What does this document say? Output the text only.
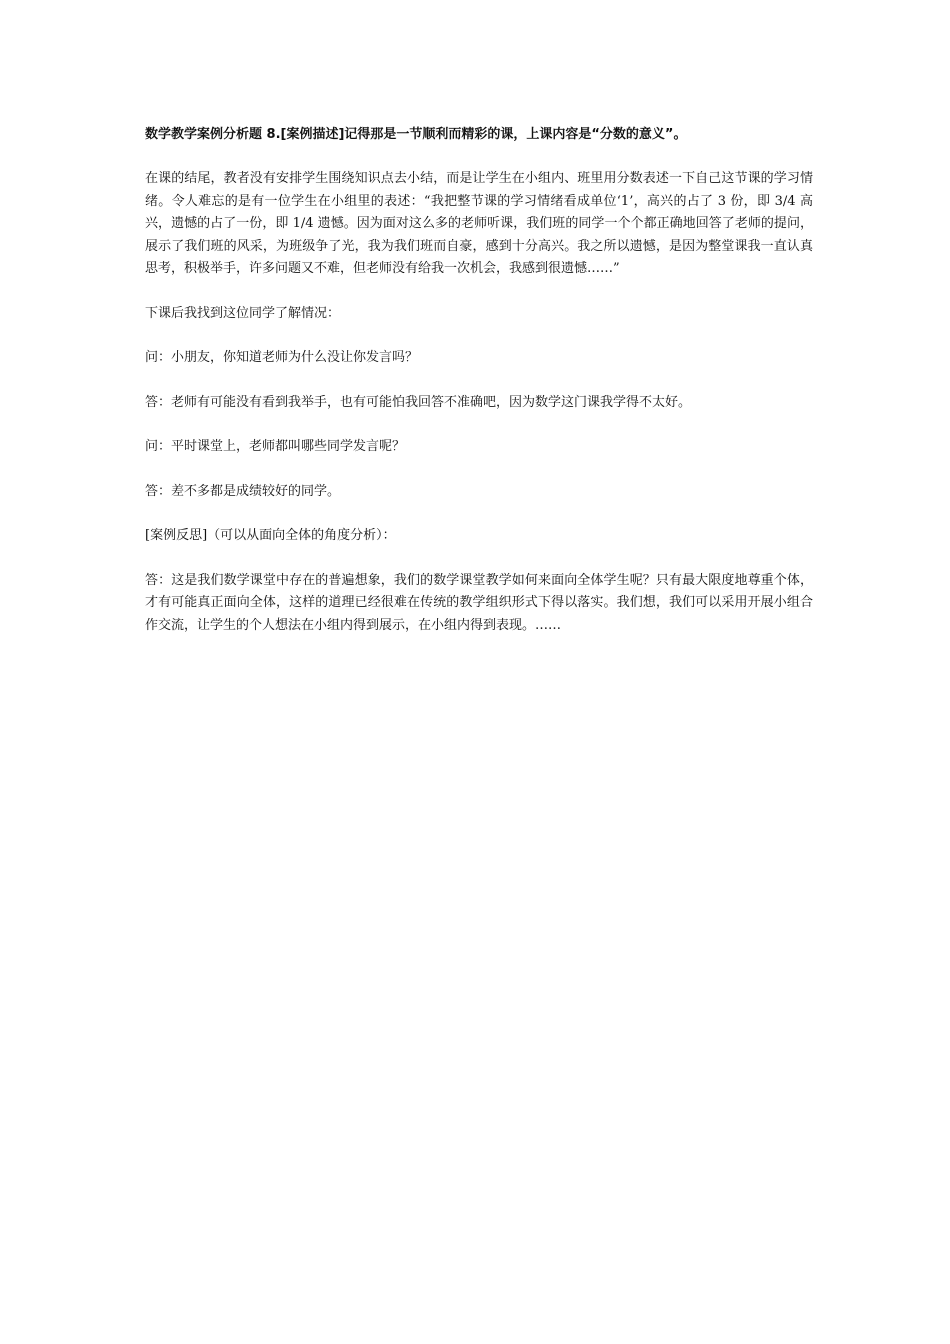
数学教学案例分析题 8.[案例描述]记得那是一节顺利而精彩的课，上课内容是“分数的意义”。
在课的结尾，教者没有安排学生围绕知识点去小结，而是让学生在小组内、班里用分数表述一下自己这节课的学习情绪。令人难忘的是有一位学生在小组里的表述：“我把整节课的学习情绪看成单位‘1’，高兴的占了 3 份，即 3/4 高兴，遗憾的占了一份，即 1/4 遗憾。因为面对这么多的老师听课，我们班的同学一个个都正确地回答了老师的提问，展示了我们班的风采，为班级争了光，我为我们班而自豪，感到十分高兴。我之所以遗憾，是因为整堂课我一直认真思考，积极举手，许多问题又不难，但老师没有给我一次机会，我感到很遗憾……”
下课后我找到这位同学了解情况：
问：小朋友，你知道老师为什么没让你发言吗？
答：老师有可能没有看到我举手，也有可能怕我回答不准确吧，因为数学这门课我学得不太好。
问：平时课堂上，老师都叫哪些同学发言呢？
答：差不多都是成绩较好的同学。
[案例反思]（可以从面向全体的角度分析）：
答：这是我们数学课堂中存在的普遍想象，我们的数学课堂教学如何来面向全体学生呢？只有最大限度地尊重个体，才有可能真正面向全体，这样的道理已经很难在传统的教学组织形式下得以落实。我们想，我们可以采用开展小组合作交流，让学生的个人想法在小组内得到展示，在小组内得到表现。……
